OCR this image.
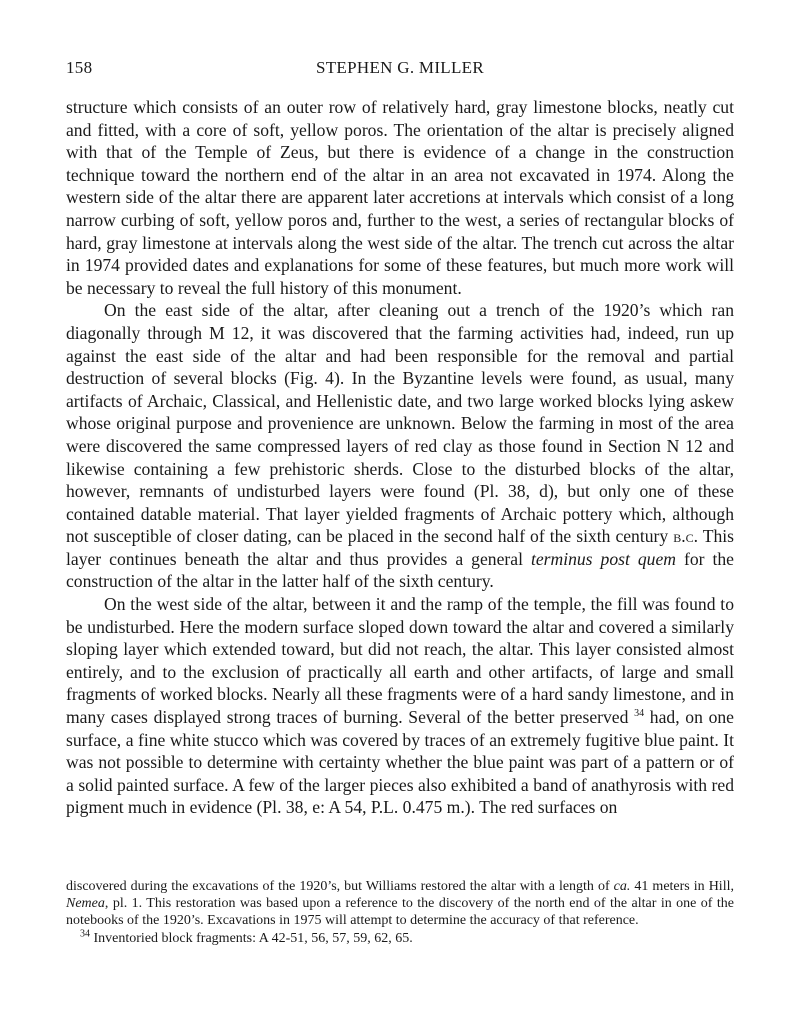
158	STEPHEN G. MILLER

structure which consists of an outer row of relatively hard, gray limestone blocks, neatly cut and fitted, with a core of soft, yellow poros. The orientation of the altar is precisely aligned with that of the Temple of Zeus, but there is evidence of a change in the construction technique toward the northern end of the altar in an area not excavated in 1974. Along the western side of the altar there are apparent later accretions at intervals which consist of a long narrow curbing of soft, yellow poros and, further to the west, a series of rectangular blocks of hard, gray limestone at intervals along the west side of the altar. The trench cut across the altar in 1974 provided dates and explanations for some of these features, but much more work will be necessary to reveal the full history of this monument.

On the east side of the altar, after cleaning out a trench of the 1920’s which ran diagonally through M 12, it was discovered that the farming activities had, indeed, run up against the east side of the altar and had been responsible for the removal and partial destruction of several blocks (Fig. 4). In the Byzantine levels were found, as usual, many artifacts of Archaic, Classical, and Hellenistic date, and two large worked blocks lying askew whose original purpose and provenience are unknown. Below the farming in most of the area were discovered the same compressed layers of red clay as those found in Section N 12 and likewise containing a few prehistoric sherds. Close to the disturbed blocks of the altar, however, remnants of undisturbed layers were found (Pl. 38, d), but only one of these contained datable material. That layer yielded fragments of Archaic pottery which, although not susceptible of closer dating, can be placed in the second half of the sixth century b.c. This layer continues beneath the altar and thus provides a general terminus post quem for the construction of the altar in the latter half of the sixth century.

On the west side of the altar, between it and the ramp of the temple, the fill was found to be undisturbed. Here the modern surface sloped down toward the altar and covered a similarly sloping layer which extended toward, but did not reach, the altar. This layer consisted almost entirely, and to the exclusion of practically all earth and other artifacts, of large and small fragments of worked blocks. Nearly all these fragments were of a hard sandy limestone, and in many cases displayed strong traces of burning. Several of the better preserved $^{34}$ had, on one surface, a fine white stucco which was covered by traces of an extremely fugitive blue paint. It was not possible to determine with certainty whether the blue paint was part of a pattern or of a solid painted surface. A few of the larger pieces also exhibited a band of anathyrosis with red pigment much in evidence (Pl. 38, e: A 54, P.L. 0.475 m.). The red surfaces on

discovered during the excavations of the 1920’s, but Williams restored the altar with a length of ca. 41 meters in Hill, Nemea, pl. 1. This restoration was based upon a reference to the discovery of the north end of the altar in one of the notebooks of the 1920’s. Excavations in 1975 will attempt to determine the accuracy of that reference.

$^{34}$ Inventoried block fragments: A 42-51, 56, 57, 59, 62, 65.
